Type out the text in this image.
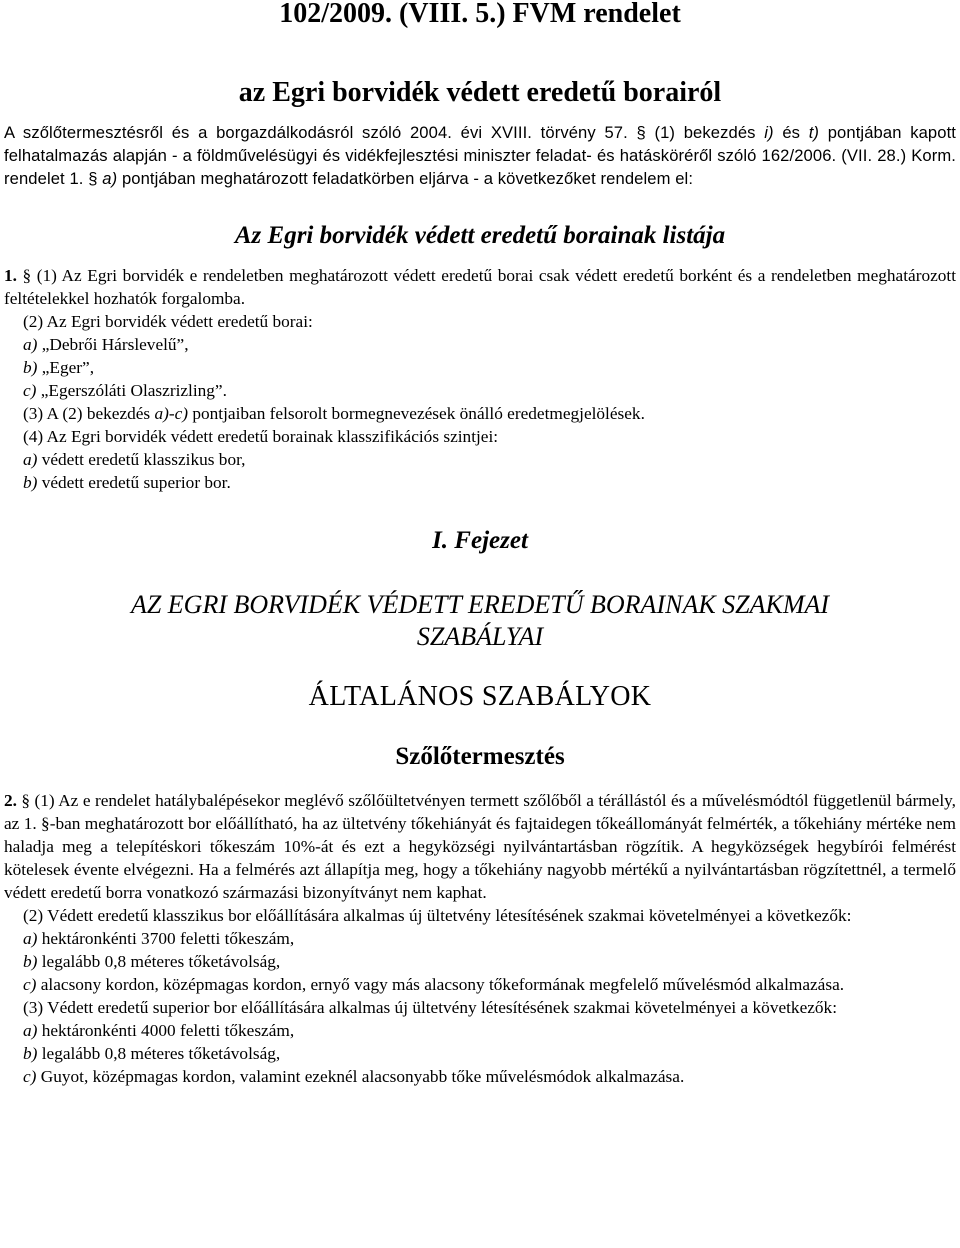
102/2009. (VIII. 5.) FVM rendelet

az Egri borvidék védett eredetű borairól

A szőlőtermesztésről és a borgazdálkodásról szóló 2004. évi XVIII. törvény 57. § (1) bekezdés i) és t) pontjában kapott felhatalmazás alapján - a földművelésügyi és vidékfejlesztési miniszter feladat- és hatásköréről szóló 162/2006. (VII. 28.) Korm. rendelet 1. § a) pontjában meghatározott feladatkörben eljárva - a következőket rendelem el:

Az Egri borvidék védett eredetű borainak listája

1. § (1) Az Egri borvidék e rendeletben meghatározott védett eredetű borai csak védett eredetű borként és a rendeletben meghatározott feltételekkel hozhatók forgalomba.

(2) Az Egri borvidék védett eredetű borai:

a) „Debrői Hárslevelű”,

b) „Eger”,

c) „Egerszóláti Olaszrizling”.

(3) A (2) bekezdés a)-c) pontjaiban felsorolt bormegnevezések önálló eredetmegjelölések.

(4) Az Egri borvidék védett eredetű borainak klasszifikációs szintjei:

a) védett eredetű klasszikus bor,

b) védett eredetű superior bor.

I. Fejezet

AZ EGRI BORVIDÉK VÉDETT EREDETŰ BORAINAK SZAKMAI
SZABÁLYAI

ÁLTALÁNOS SZABÁLYOK

Szőlőtermesztés

2. § (1) Az e rendelet hatálybalépésekor meglévő szőlőültetvényen termett szőlőből a térállástól és a művelésmódtól függetlenül bármely, az 1. §-ban meghatározott bor előállítható, ha az ültetvény tőkehiányát és fajtaidegen tőkeállományát felmérték, a tőkehiány mértéke nem haladja meg a telepítéskori tőkeszám 10%-át és ezt a hegyközségi nyilvántartásban rögzítik. A hegyközségek hegybírói felmérést kötelesek évente elvégezni. Ha a felmérés azt állapítja meg, hogy a tőkehiány nagyobb mértékű a nyilvántartásban rögzítettnél, a termelő védett eredetű borra vonatkozó származási bizonyítványt nem kaphat.

(2) Védett eredetű klasszikus bor előállítására alkalmas új ültetvény létesítésének szakmai követelményei a következők:

a) hektáronkénti 3700 feletti tőkeszám,

b) legalább 0,8 méteres tőketávolság,

c) alacsony kordon, középmagas kordon, ernyő vagy más alacsony tőkeformának megfelelő művelésmód alkalmazása.

(3) Védett eredetű superior bor előállítására alkalmas új ültetvény létesítésének szakmai követelményei a következők:

a) hektáronkénti 4000 feletti tőkeszám,

b) legalább 0,8 méteres tőketávolság,

c) Guyot, középmagas kordon, valamint ezeknél alacsonyabb tőke művelésmódok alkalmazása.
